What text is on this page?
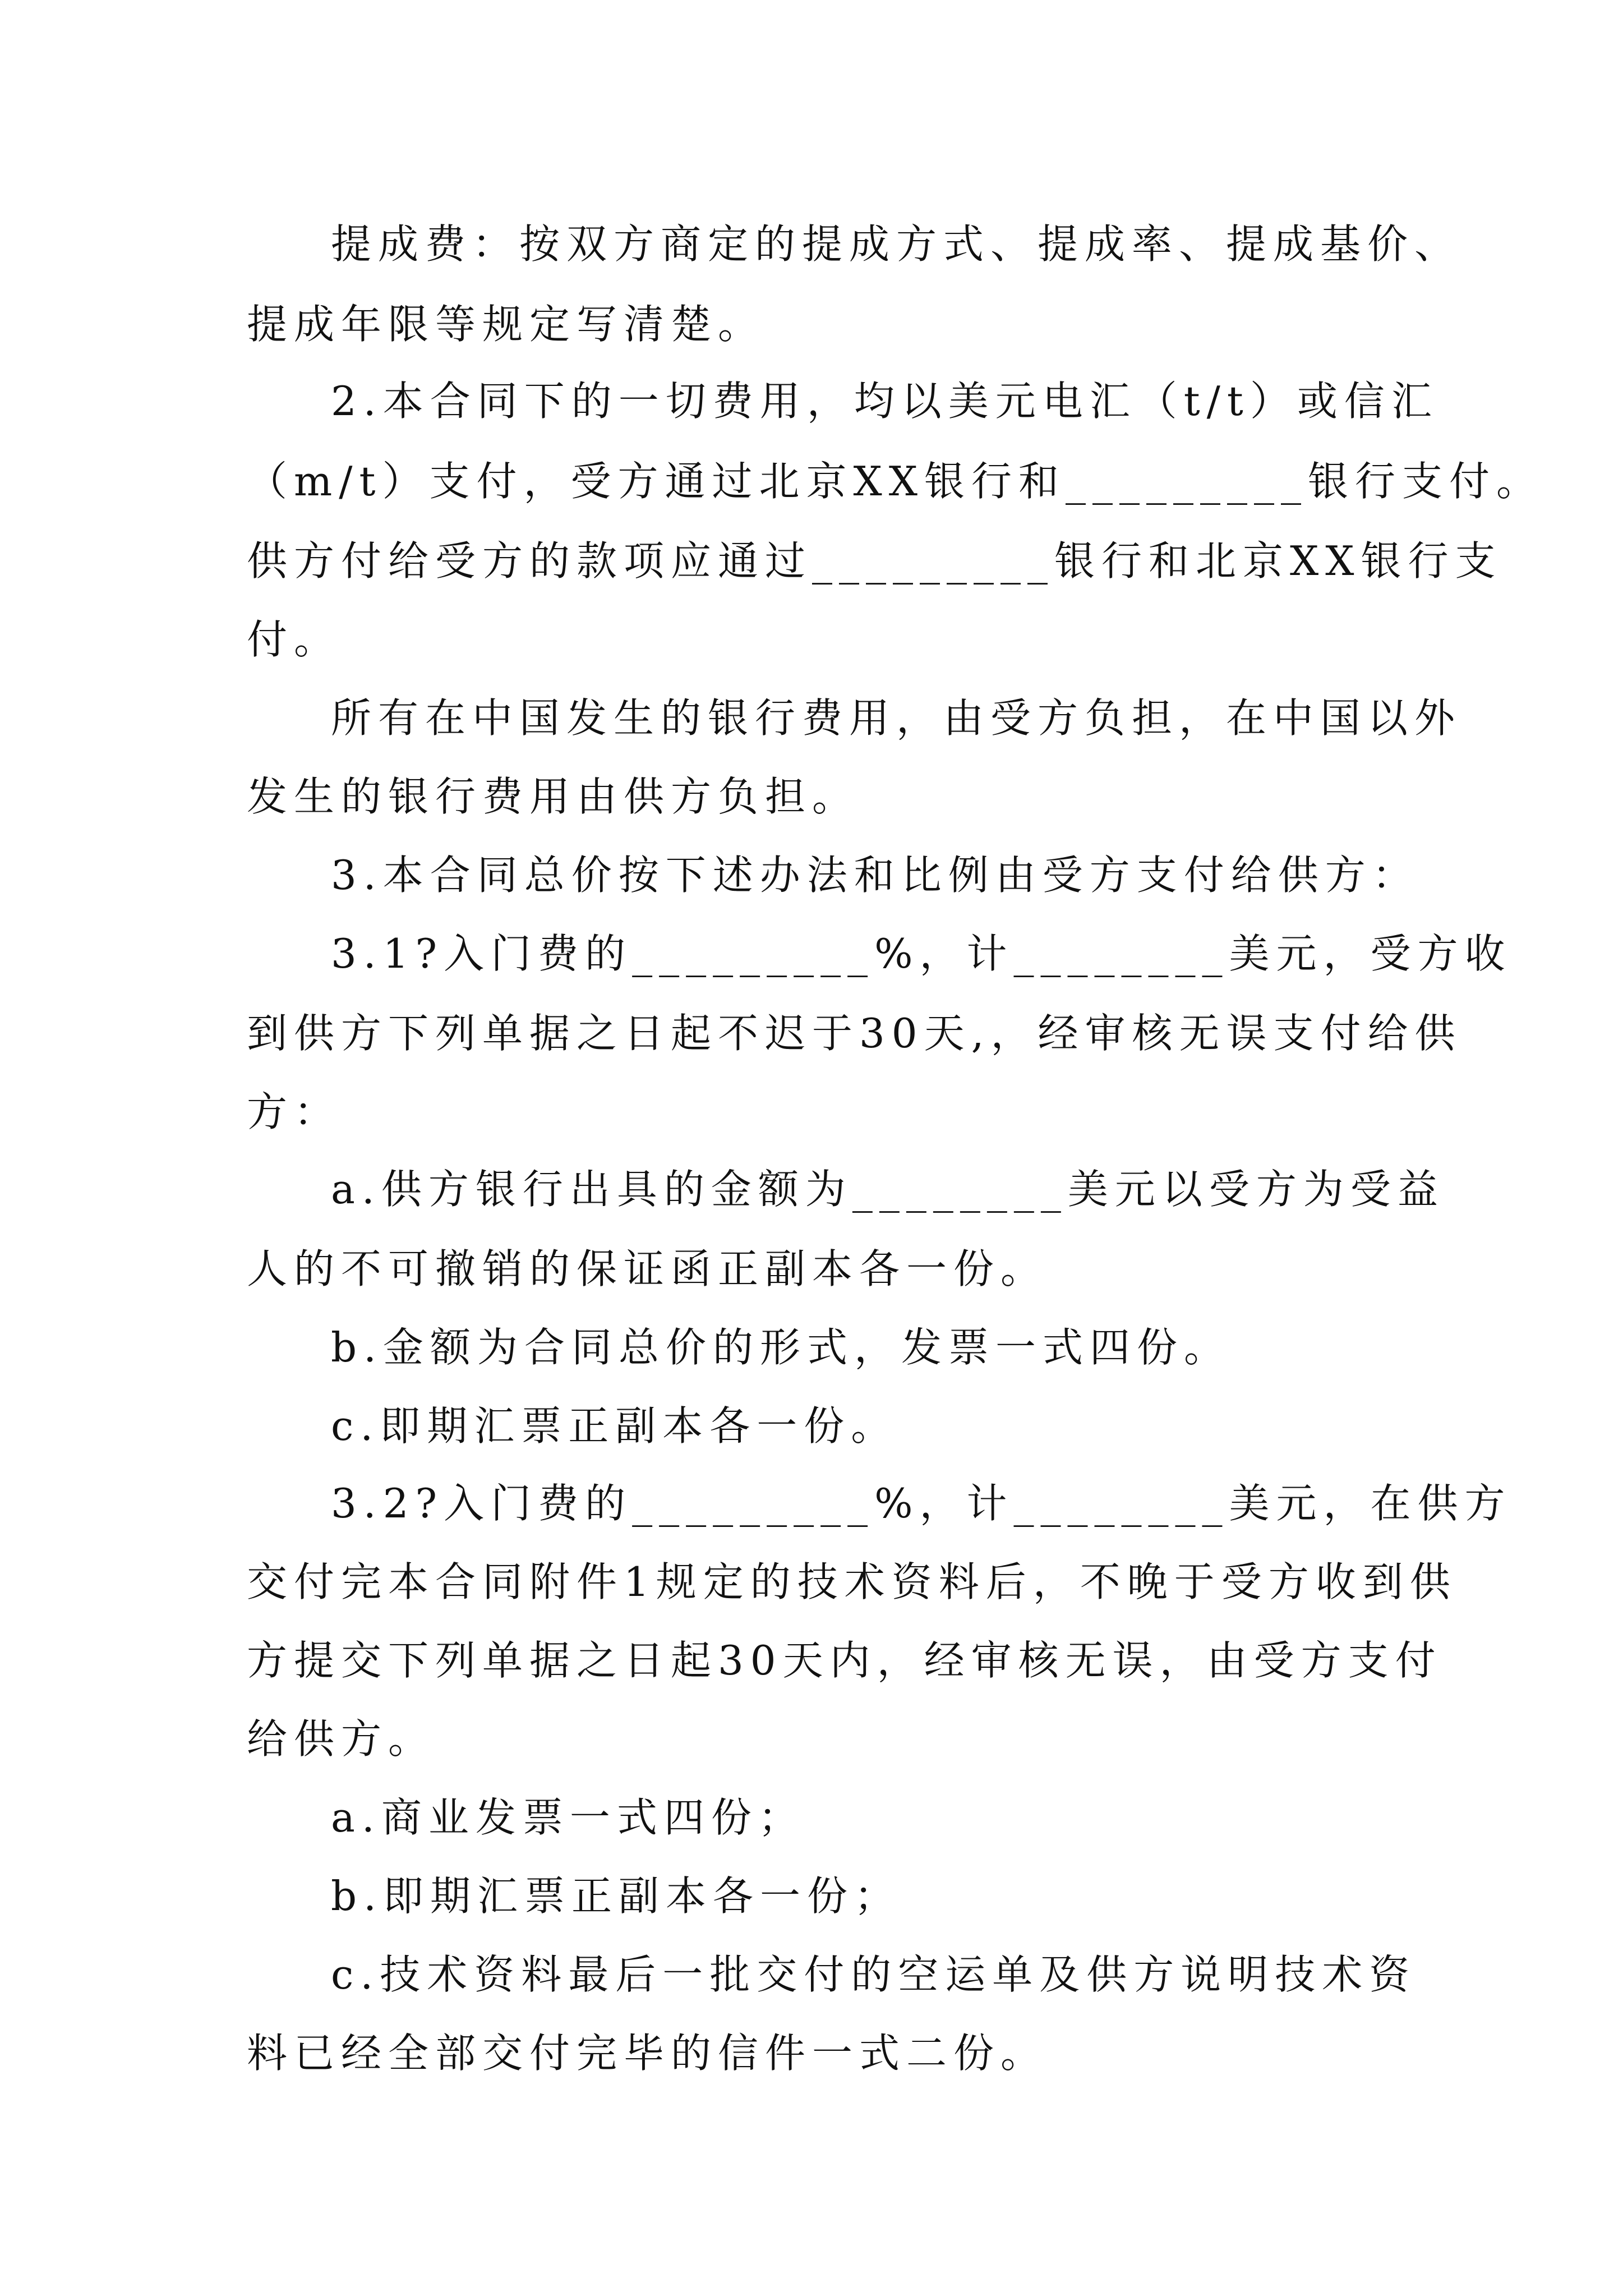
提成费：按双方商定的提成方式、提成率、提成基价、
提成年限等规定写清楚。
2.本合同下的一切费用，均以美元电汇（t/t）或信汇
（m/t）支付，受方通过北京XX银行和_________银行支付。
供方付给受方的款项应通过_________银行和北京XX银行支
付。
所有在中国发生的银行费用，由受方负担，在中国以外
发生的银行费用由供方负担。
3.本合同总价按下述办法和比例由受方支付给供方：
3.1?入门费的_________%，计________美元，受方收
到供方下列单据之日起不迟于30天,，经审核无误支付给供
方：
a.供方银行出具的金额为________美元以受方为受益
人的不可撤销的保证函正副本各一份。
b.金额为合同总价的形式，发票一式四份。
c.即期汇票正副本各一份。
3.2?入门费的_________%，计________美元，在供方
交付完本合同附件1规定的技术资料后，不晚于受方收到供
方提交下列单据之日起30天内，经审核无误，由受方支付
给供方。
a.商业发票一式四份；
b.即期汇票正副本各一份；
c.技术资料最后一批交付的空运单及供方说明技术资
料已经全部交付完毕的信件一式二份。
